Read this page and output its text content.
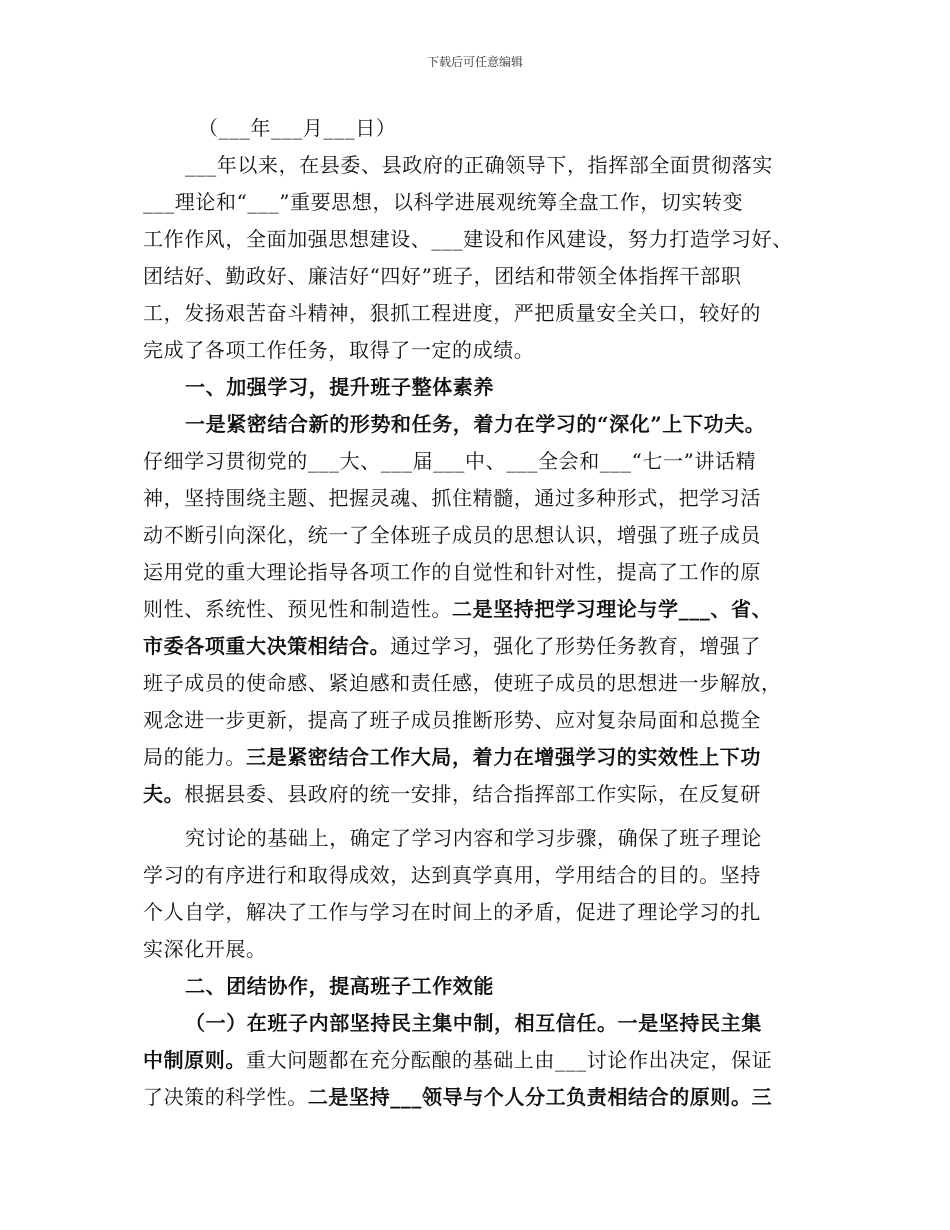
下载后可任意编辑
（___年___月___日）
___年以来，在县委、县政府的正确领导下，指挥部全面贯彻落实
___理论和“___”重要思想，以科学进展观统筹全盘工作，切实转变
工作作风，全面加强思想建设、___建设和作风建设，努力打造学习好、
团结好、勤政好、廉洁好“四好”班子，团结和带领全体指挥干部职
工，发扬艰苦奋斗精神，狠抓工程进度，严把质量安全关口，较好的
完成了各项工作任务，取得了一定的成绩。
一、加强学习，提升班子整体素养
一是紧密结合新的形势和任务，着力在学习的“深化”上下功夫。
仔细学习贯彻党的___大、___届___中、___全会和___“七一”讲话精
神，坚持围绕主题、把握灵魂、抓住精髓，通过多种形式，把学习活
动不断引向深化，统一了全体班子成员的思想认识，增强了班子成员
运用党的重大理论指导各项工作的自觉性和针对性，提高了工作的原
则性、系统性、预见性和制造性。二是坚持把学习理论与学___、省、
市委各项重大决策相结合。通过学习，强化了形势任务教育，增强了
班子成员的使命感、紧迫感和责任感，使班子成员的思想进一步解放，
观念进一步更新，提高了班子成员推断形势、应对复杂局面和总揽全
局的能力。三是紧密结合工作大局，着力在增强学习的实效性上下功
夫。根据县委、县政府的统一安排，结合指挥部工作实际，在反复研
究讨论的基础上，确定了学习内容和学习步骤，确保了班子理论
学习的有序进行和取得成效，达到真学真用，学用结合的目的。坚持
个人自学，解决了工作与学习在时间上的矛盾，促进了理论学习的扎
实深化开展。
二、团结协作，提高班子工作效能
（一）在班子内部坚持民主集中制，相互信任。一是坚持民主集
中制原则。重大问题都在充分酝酿的基础上由___讨论作出决定，保证
了决策的科学性。二是坚持___领导与个人分工负责相结合的原则。三
